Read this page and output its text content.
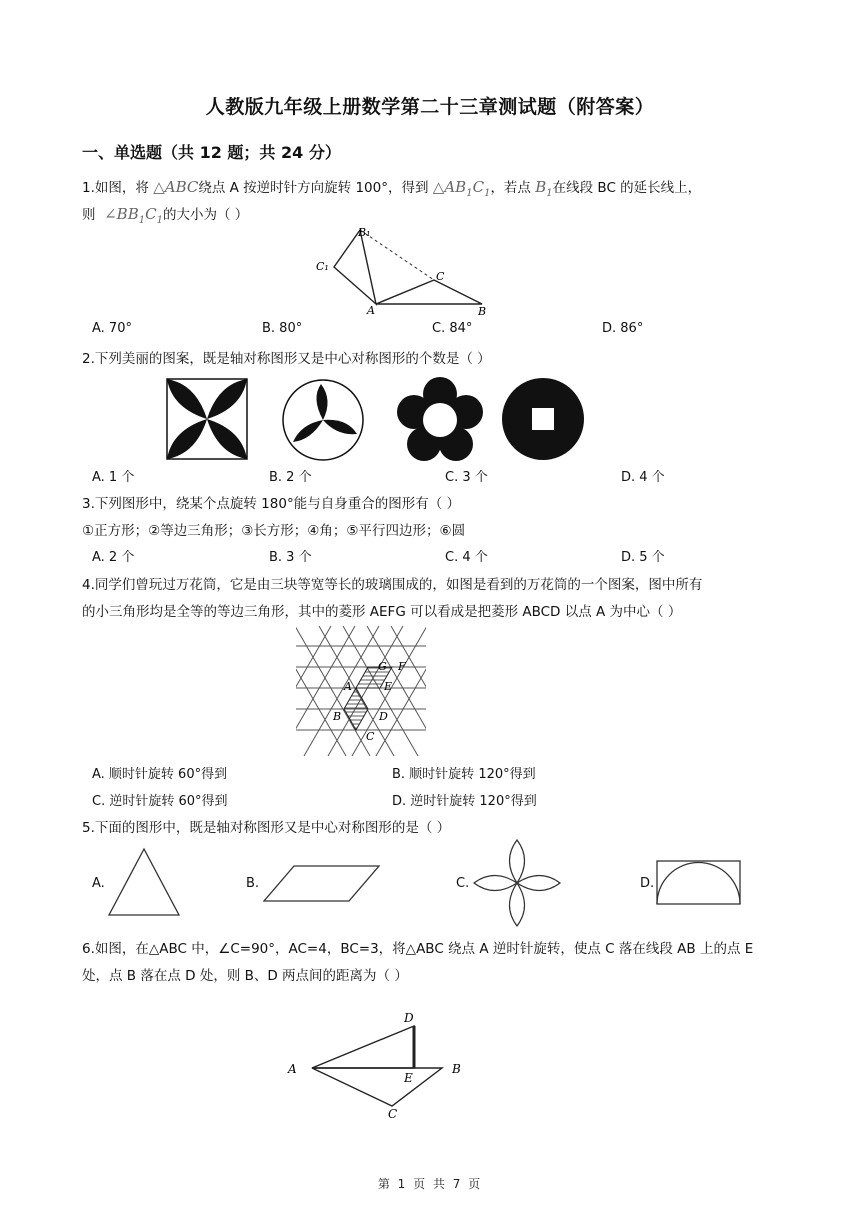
人教版九年级上册数学第二十三章测试题（附答案）
一、单选题（共 12 题；共 24 分）
1.如图，将 △ABC绕点 A 按逆时针方向旋转 100°，得到 $\triangle AB_1C_1$，若点 $B_1$在线段 BC 的延长线上，
则 $\angle BB_1C_1$的大小为（ ）
B₁
C₁
C
A	B
A. 70°	B. 80°	C. 84°	D. 86°
2.下列美丽的图案，既是轴对称图形又是中心对称图形的个数是（ ）
A. 1 个	B. 2 个	C. 3 个	D. 4 个
3.下列图形中，绕某个点旋转 180°能与自身重合的图形有（ ）
①正方形；②等边三角形；③长方形；④角；⑤平行四边形；⑥圆
A. 2 个	B. 3 个	C. 4 个	D. 5 个
4.同学们曾玩过万花筒，它是由三块等宽等长的玻璃围成的，如图是看到的万花筒的一个图案，图中所有
的小三角形均是全等的等边三角形，其中的菱形 AEFG 可以看成是把菱形 ABCD 以点 A 为中心（ ）
G F
A	E
B	D
C
A. 顺时针旋转 60°得到	B. 顺时针旋转 120°得到
C. 逆时针旋转 60°得到	D. 逆时针旋转 120°得到
5.下面的图形中，既是轴对称图形又是中心对称图形的是（ ）
A.	B.	C.	D.
6.如图，在△ABC 中，∠C=90°，AC=4，BC=3，将△ABC 绕点 A 逆时针旋转，使点 C 落在线段 AB 上的点 E
处，点 B 落在点 D 处，则 B、D 两点间的距离为（ ）
D
A
E
B
C
第 1 页 共 7 页
